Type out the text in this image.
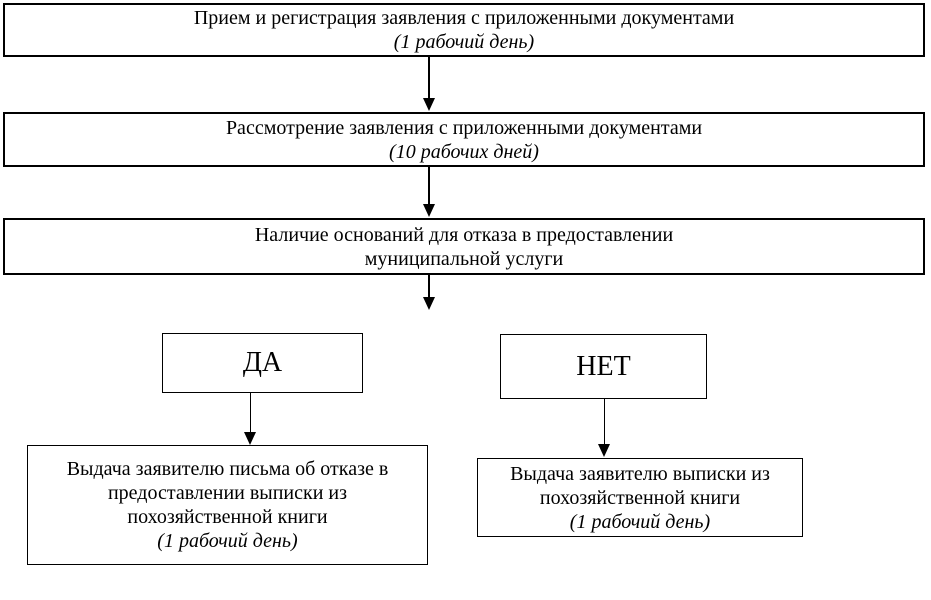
Прием и регистрация заявления с приложенными документами
(1 рабочий день)
Рассмотрение заявления с приложенными документами
(10 рабочих дней)
Наличие оснований для отказа в предоставлении
муниципальной услуги
ДА	НЕТ
Выдача заявителю письма об отказе в
предоставлении выписки из
похозяйственной книги
(1 рабочий день)
Выдача заявителю выписки из
похозяйственной книги
(1 рабочий день)
